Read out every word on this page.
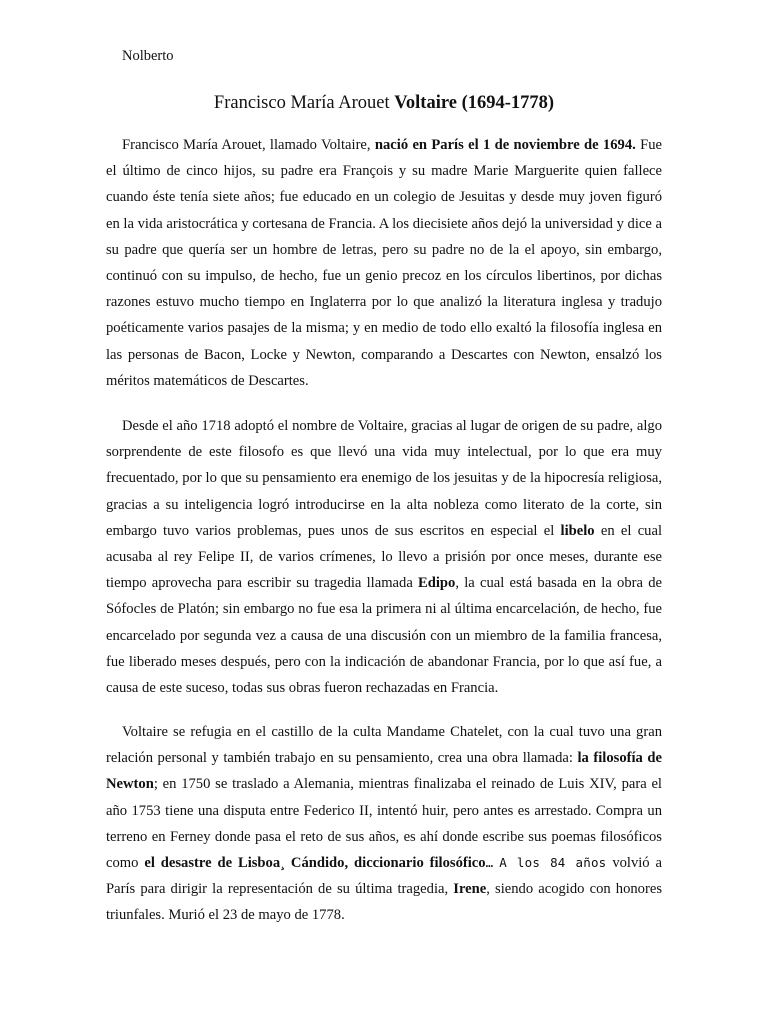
Nolberto
Francisco María Arouet Voltaire (1694-1778)

Francisco María Arouet, llamado Voltaire, nació en París el 1 de noviembre de 1694. Fue el último de cinco hijos, su padre era François y su madre Marie Marguerite quien fallece cuando éste tenía siete años; fue educado en un colegio de Jesuitas y desde muy joven figuró en la vida aristocrática y cortesana de Francia. A los diecisiete años dejó la universidad y dice a su padre que quería ser un hombre de letras, pero su padre no de la el apoyo, sin embargo, continuó con su impulso, de hecho, fue un genio precoz en los círculos libertinos, por dichas razones estuvo mucho tiempo en Inglaterra por lo que analizó la literatura inglesa y tradujo poéticamente varios pasajes de la misma; y en medio de todo ello exaltó la filosofía inglesa en las personas de Bacon, Locke y Newton, comparando a Descartes con Newton, ensalzó los méritos matemáticos de Descartes.

Desde el año 1718 adoptó el nombre de Voltaire, gracias al lugar de origen de su padre, algo sorprendente de este filosofo es que llevó una vida muy intelectual, por lo que era muy frecuentado, por lo que su pensamiento era enemigo de los jesuitas y de la hipocresía religiosa, gracias a su inteligencia logró introducirse en la alta nobleza como literato de la corte, sin embargo tuvo varios problemas, pues unos de sus escritos en especial el libelo en el cual acusaba al rey Felipe II, de varios crímenes, lo llevo a prisión por once meses, durante ese tiempo aprovecha para escribir su tragedia llamada Edipo, la cual está basada en la obra de Sófocles de Platón; sin embargo no fue esa la primera ni al última encarcelación, de hecho, fue encarcelado por segunda vez a causa de una discusión con un miembro de la familia francesa, fue liberado meses después, pero con la indicación de abandonar Francia, por lo que así fue, a causa de este suceso, todas sus obras fueron rechazadas en Francia.

Voltaire se refugia en el castillo de la culta Mandame Chatelet, con la cual tuvo una gran relación personal y también trabajo en su pensamiento, crea una obra llamada: la filosofía de Newton; en 1750 se traslado a Alemania, mientras finalizaba el reinado de Luis XIV, para el año 1753 tiene una disputa entre Federico II, intentó huir, pero antes es arrestado. Compra un terreno en Ferney donde pasa el reto de sus años, es ahí donde escribe sus poemas filosóficos como el desastre de Lisboa¸ Cándido, diccionario filosófico… A los 84 años volvió a París para dirigir la representación de su última tragedia, Irene, siendo acogido con honores triunfales. Murió el 23 de mayo de 1778.
